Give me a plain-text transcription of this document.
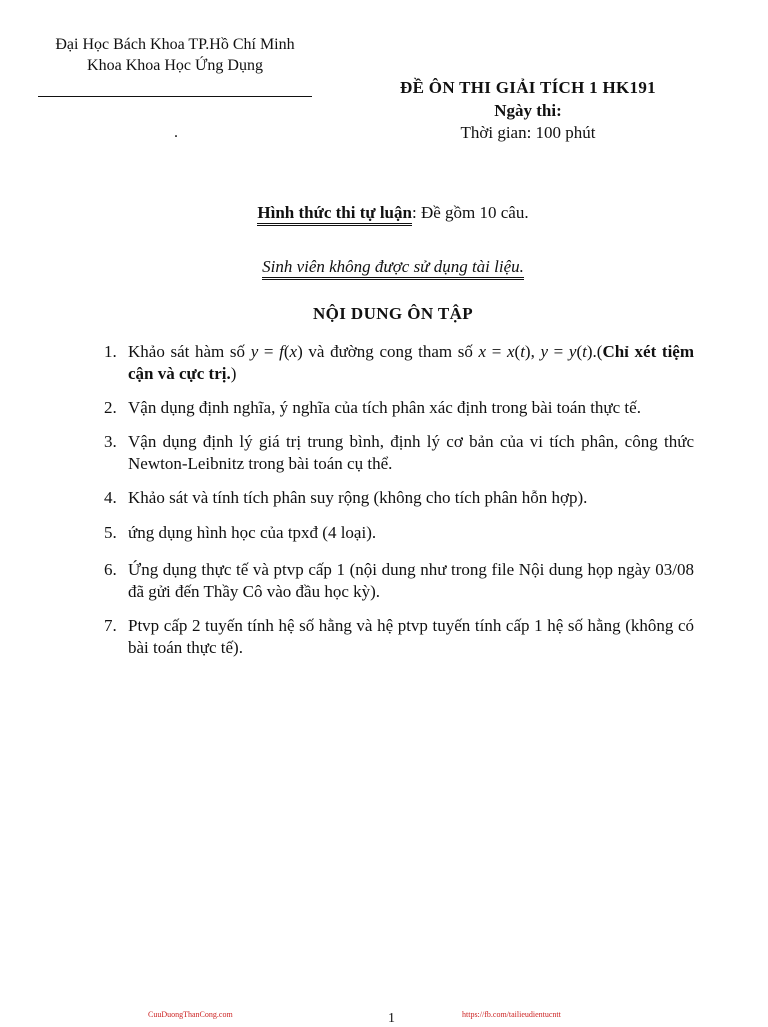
Đại Học Bách Khoa TP.Hồ Chí Minh
Khoa Khoa Học Ứng Dụng
.
ĐỀ ÔN THI GIẢI TÍCH 1 HK191
Ngày thi:
Thời gian: 100 phút
Hình thức thi tự luận: Đề gồm 10 câu.
Sinh viên không được sử dụng tài liệu.
NỘI DUNG ÔN TẬP
1. Khảo sát hàm số y = f(x) và đường cong tham số x = x(t), y = y(t).(Chỉ xét tiệm cận và cực trị.)
2. Vận dụng định nghĩa, ý nghĩa của tích phân xác định trong bài toán thực tế.
3. Vận dụng định lý giá trị trung bình, định lý cơ bản của vi tích phân, công thức Newton-Leibnitz trong bài toán cụ thể.
4. Khảo sát và tính tích phân suy rộng (không cho tích phân hỗn hợp).
5. ứng dụng hình học của tpxđ (4 loại).
6. Ứng dụng thực tế và ptvp cấp 1 (nội dung như trong file Nội dung họp ngày 03/08 đã gửi đến Thầy Cô vào đầu học kỳ).
7. Ptvp cấp 2 tuyến tính hệ số hằng và hệ ptvp tuyến tính cấp 1 hệ số hằng (không có bài toán thực tế).
CuuDuongThanCong.com	1	https://fb.com/tailieudientucntt
